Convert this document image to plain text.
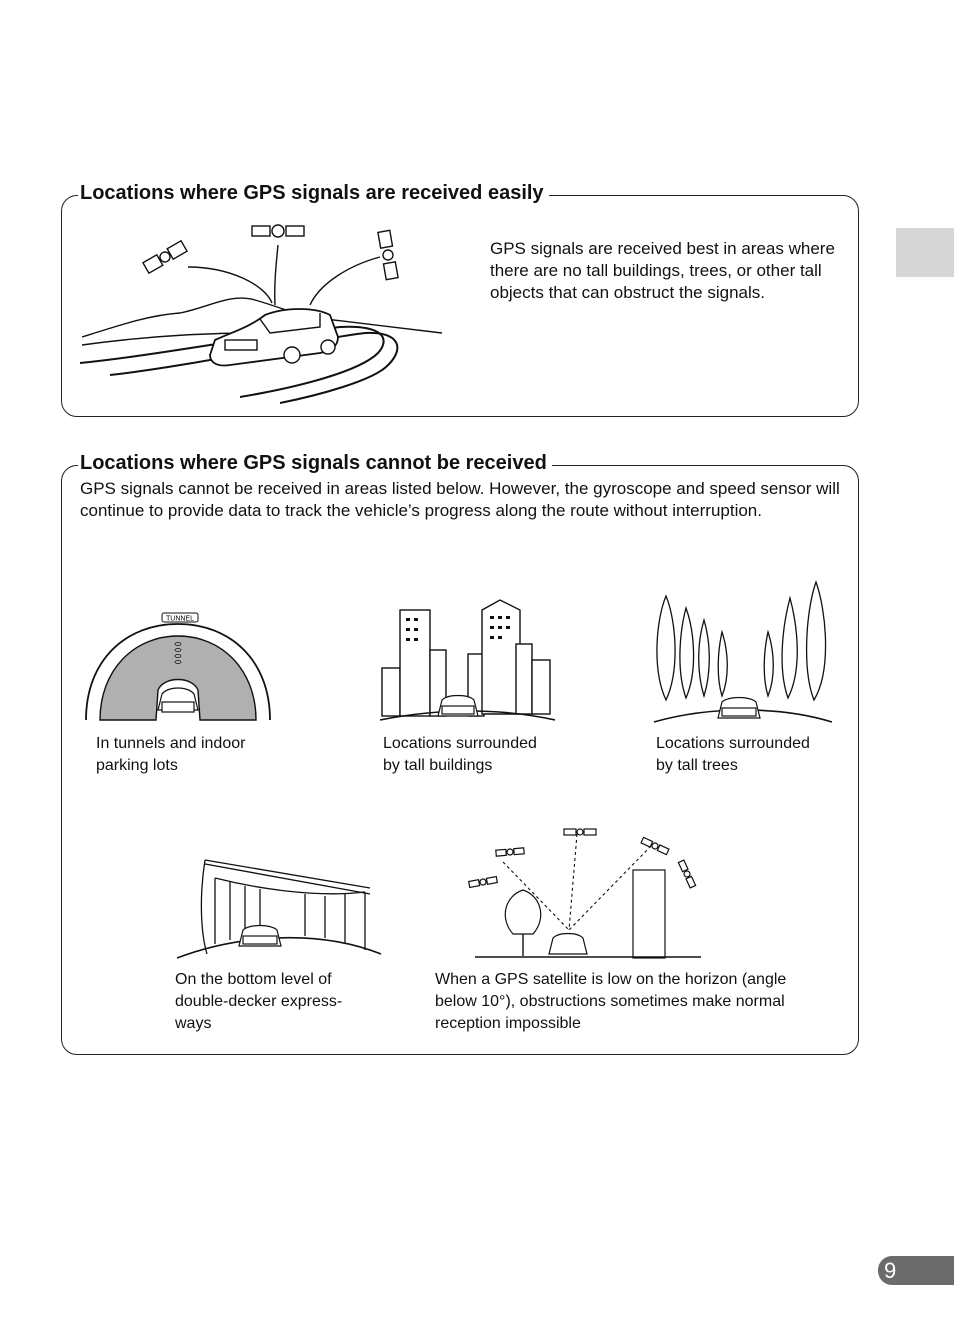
Locations where GPS signals are received easily
GPS signals are received best in areas where there are no tall buildings, trees, or other tall objects that can obstruct the signals.
Locations where GPS signals cannot be received
GPS signals cannot be received in areas listed below. However, the gyroscope and speed sensor will continue to provide data to track the vehicle’s progress along the route without interruption.
TUNNEL
In tunnels and indoor
parking lots
Locations surrounded
by tall buildings
Locations surrounded
by tall trees
On the bottom level of
double-decker express-
ways
When a GPS satellite is low on the horizon (angle
below 10°), obstructions sometimes make normal
reception impossible
9
